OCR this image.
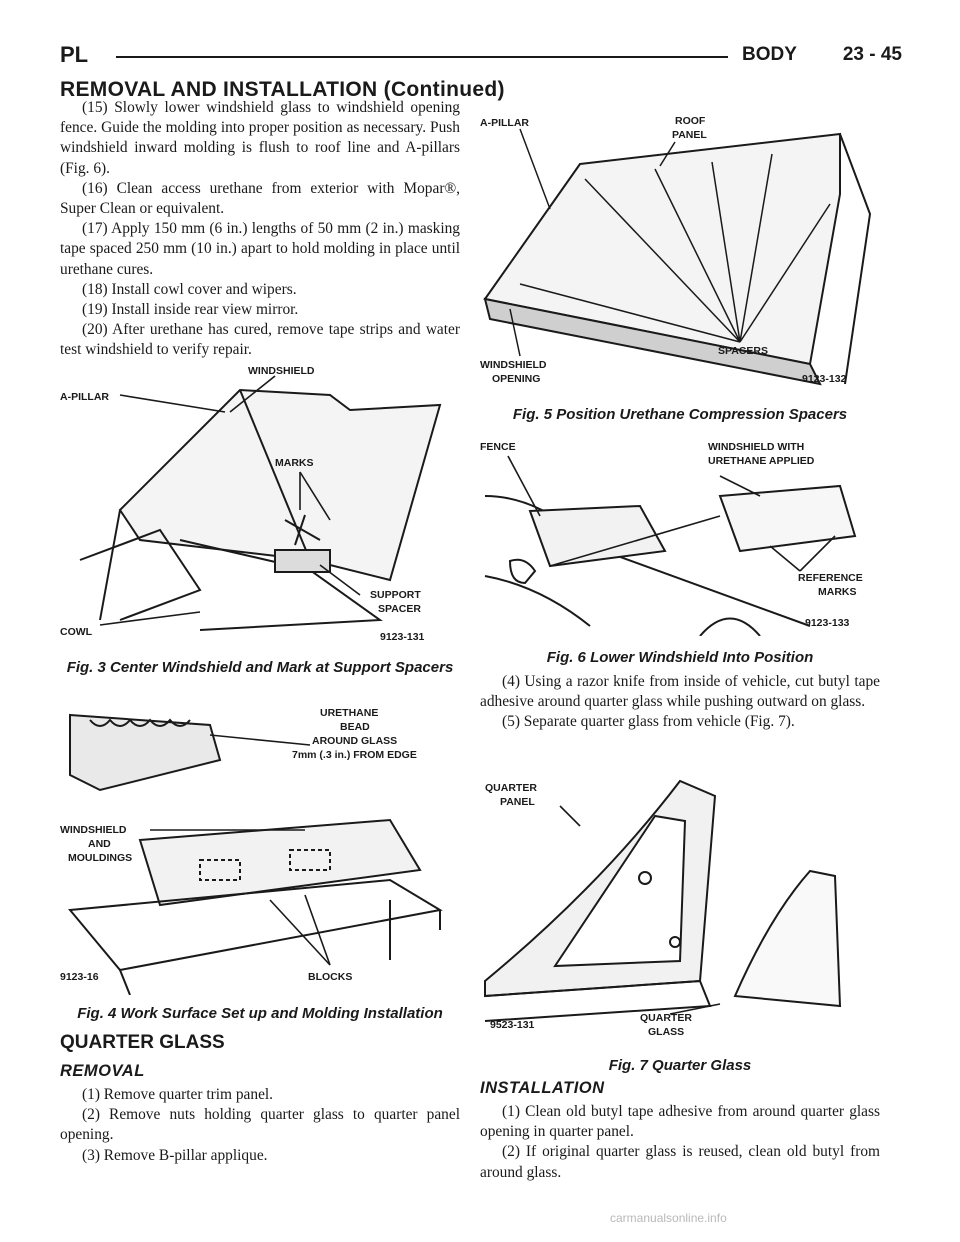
PL	BODY 23 - 45
REMOVAL AND INSTALLATION (Continued)

(15) Slowly lower windshield glass to windshield opening fence. Guide the molding into proper position as necessary. Push windshield inward molding is flush to roof line and A-pillars (Fig. 6).

(16) Clean access urethane from exterior with Mopar®, Super Clean or equivalent.

(17) Apply 150 mm (6 in.) lengths of 50 mm (2 in.) masking tape spaced 250 mm (10 in.) apart to hold molding in place until urethane cures.

(18) Install cowl cover and wipers.

(19) Install inside rear view mirror.

(20) After urethane has cured, remove tape strips and water test windshield to verify repair.

A-PILLAR
WINDSHIELD
MARKS
SUPPORT
SPACER
COWL	9123-131
Fig. 3 Center Windshield and Mark at Support Spacers
URETHANE
BEAD
AROUND GLASS
7mm (.3 in.) FROM EDGE
WINDSHIELD
AND
MOULDINGS
BLOCKS
9123-16
Fig. 4 Work Surface Set up and Molding Installation
QUARTER GLASS
REMOVAL

(1) Remove quarter trim panel.

(2) Remove nuts holding quarter glass to quarter panel opening.

(3) Remove B-pillar applique.

A-PILLAR	ROOF
PANEL
WINDSHIELD
OPENING
SPACERS
9123-132
Fig. 5 Position Urethane Compression Spacers
FENCE	WINDSHIELD WITH
URETHANE APPLIED
REFERENCE
MARKS
9123-133
Fig. 6 Lower Windshield Into Position

(4) Using a razor knife from inside of vehicle, cut butyl tape adhesive around quarter glass while pushing outward on glass.

(5) Separate quarter glass from vehicle (Fig. 7).

QUARTER
PANEL
9523-131
QUARTER
GLASS
Fig. 7 Quarter Glass
INSTALLATION

(1) Clean old butyl tape adhesive from around quarter glass opening in quarter panel.

(2) If original quarter glass is reused, clean old butyl from around glass.

carmanualsonline.info
